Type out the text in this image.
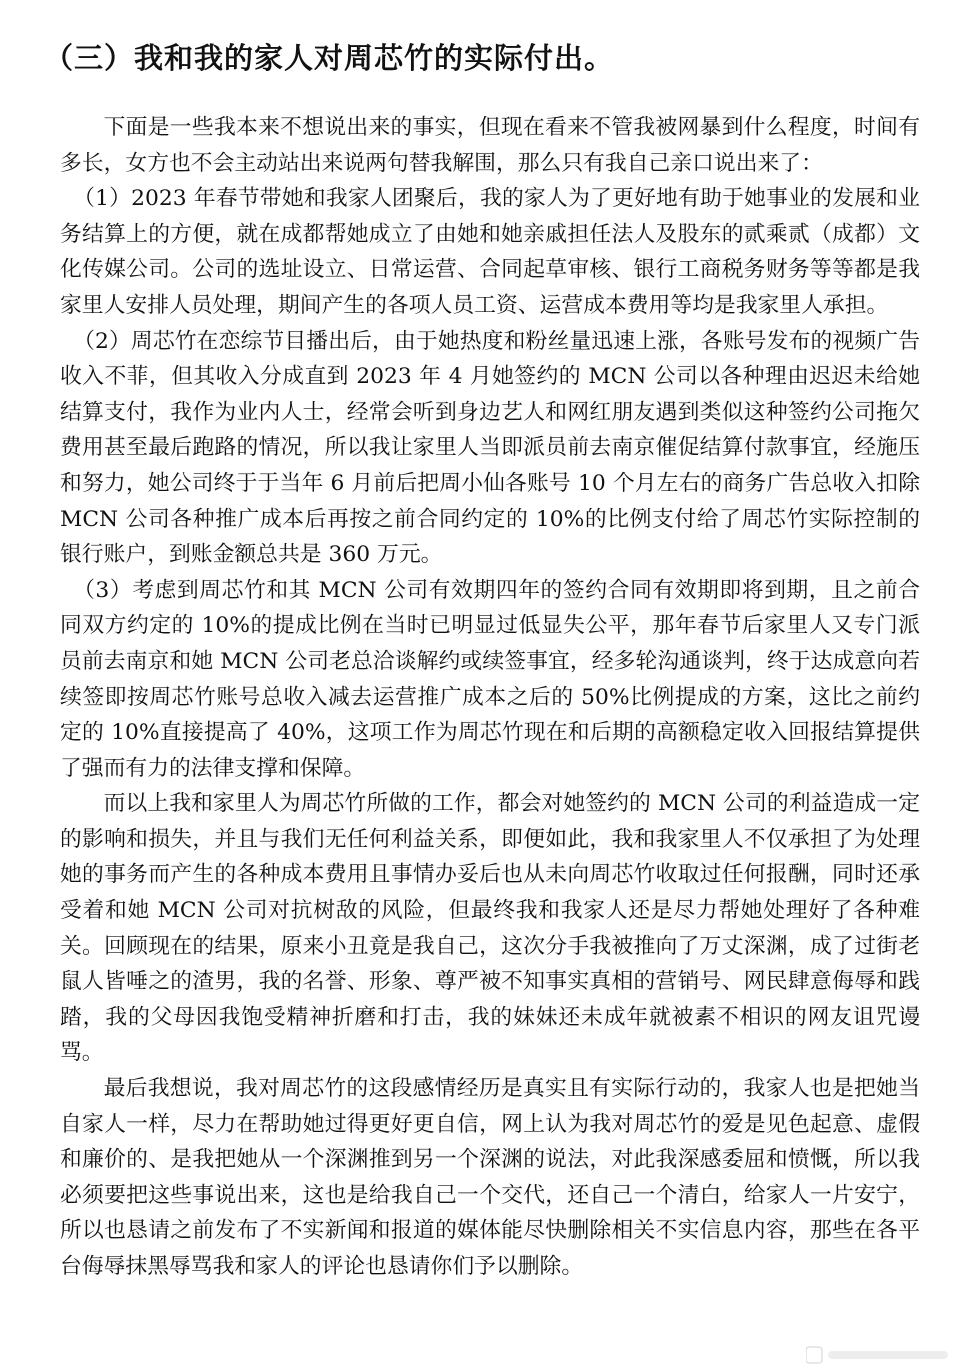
（三）我和我的家人对周芯竹的实际付出。

下面是一些我本来不想说出来的事实，但现在看来不管我被网暴到什么程度，时间有多长，女方也不会主动站出来说两句替我解围，那么只有我自己亲口说出来了：

（1）2023 年春节带她和我家人团聚后，我的家人为了更好地有助于她事业的发展和业务结算上的方便，就在成都帮她成立了由她和她亲戚担任法人及股东的贰乘贰（成都）文化传媒公司。公司的选址设立、日常运营、合同起草审核、银行工商税务财务等等都是我家里人安排人员处理，期间产生的各项人员工资、运营成本费用等均是我家里人承担。

（2）周芯竹在恋综节目播出后，由于她热度和粉丝量迅速上涨，各账号发布的视频广告收入不菲，但其收入分成直到 2023 年 4 月她签约的 MCN 公司以各种理由迟迟未给她结算支付，我作为业内人士，经常会听到身边艺人和网红朋友遇到类似这种签约公司拖欠费用甚至最后跑路的情况，所以我让家里人当即派员前去南京催促结算付款事宜，经施压和努力，她公司终于于当年 6 月前后把周小仙各账号 10 个月左右的商务广告总收入扣除 MCN 公司各种推广成本后再按之前合同约定的 10%的比例支付给了周芯竹实际控制的银行账户，到账金额总共是 360 万元。

（3）考虑到周芯竹和其 MCN 公司有效期四年的签约合同有效期即将到期，且之前合同双方约定的 10%的提成比例在当时已明显过低显失公平，那年春节后家里人又专门派员前去南京和她 MCN 公司老总洽谈解约或续签事宜，经多轮沟通谈判，终于达成意向若续签即按周芯竹账号总收入减去运营推广成本之后的 50%比例提成的方案，这比之前约定的 10%直接提高了 40%，这项工作为周芯竹现在和后期的高额稳定收入回报结算提供了强而有力的法律支撑和保障。

而以上我和家里人为周芯竹所做的工作，都会对她签约的 MCN 公司的利益造成一定的影响和损失，并且与我们无任何利益关系，即便如此，我和我家里人不仅承担了为处理她的事务而产生的各种成本费用且事情办妥后也从未向周芯竹收取过任何报酬，同时还承受着和她 MCN 公司对抗树敌的风险，但最终我和我家人还是尽力帮她处理好了各种难关。回顾现在的结果，原来小丑竟是我自己，这次分手我被推向了万丈深渊，成了过街老鼠人皆唾之的渣男，我的名誉、形象、尊严被不知事实真相的营销号、网民肆意侮辱和践踏，我的父母因我饱受精神折磨和打击，我的妹妹还未成年就被素不相识的网友诅咒谩骂。

最后我想说，我对周芯竹的这段感情经历是真实且有实际行动的，我家人也是把她当自家人一样，尽力在帮助她过得更好更自信，网上认为我对周芯竹的爱是见色起意、虚假和廉价的、是我把她从一个深渊推到另一个深渊的说法，对此我深感委屈和愤慨，所以我必须要把这些事说出来，这也是给我自己一个交代，还自己一个清白，给家人一片安宁，所以也恳请之前发布了不实新闻和报道的媒体能尽快删除相关不实信息内容，那些在各平台侮辱抹黑辱骂我和家人的评论也恳请你们予以删除。
